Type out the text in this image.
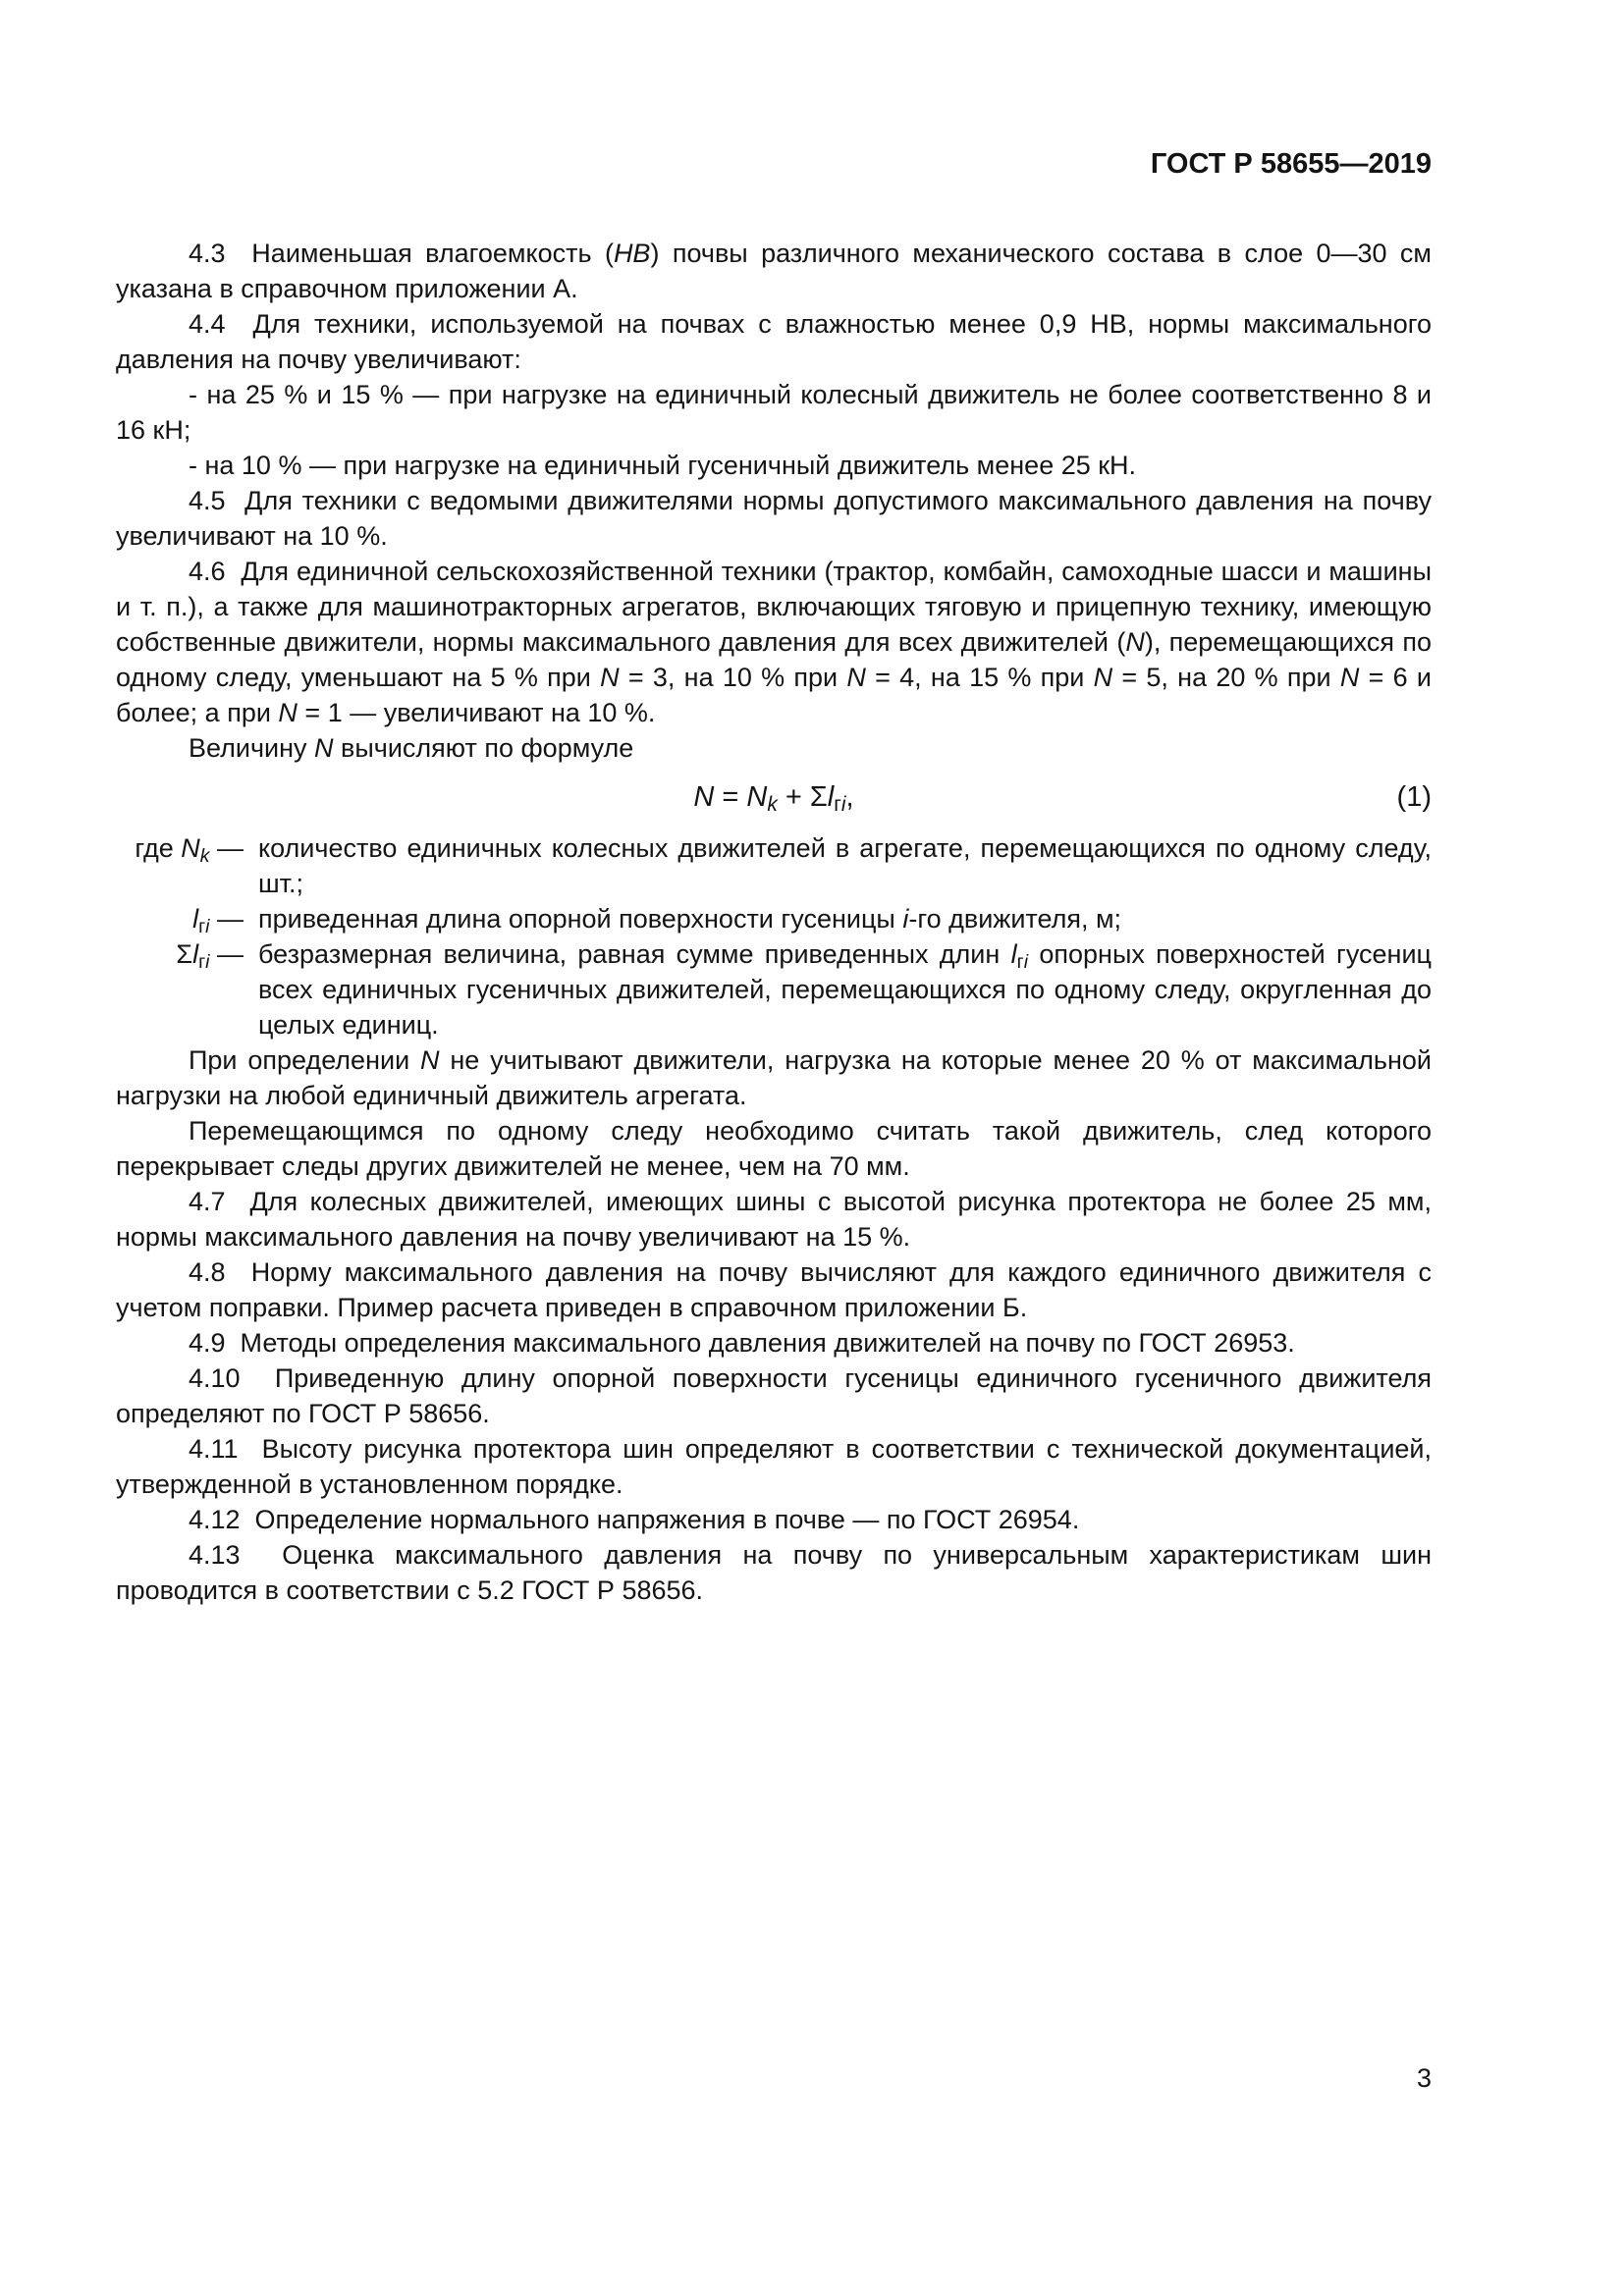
ГОСТ Р 58655—2019

4.3  Наименьшая влагоемкость (НВ) почвы различного механического состава в слое 0—30 см указана в справочном приложении А.

4.4  Для техники, используемой на почвах с влажностью менее 0,9 НВ, нормы максимального давления на почву увеличивают:

- на 25 % и 15 % — при нагрузке на единичный колесный движитель не более соответственно 8 и 16 кН;

- на 10 % — при нагрузке на единичный гусеничный движитель менее 25 кН.

4.5  Для техники с ведомыми движителями нормы допустимого максимального давления на почву увеличивают на 10 %.

4.6  Для единичной сельскохозяйственной техники (трактор, комбайн, самоходные шасси и машины и т. п.), а также для машинотракторных агрегатов, включающих тяговую и прицепную технику, имеющую собственные движители, нормы максимального давления для всех движителей (N), перемещающихся по одному следу, уменьшают на 5 % при N = 3, на 10 % при N = 4, на 15 % при N = 5, на 20 % при N = 6 и более; а при N = 1 — увеличивают на 10 %.

Величину N вычисляют по формуле

$N = N_k + \Sigma l_{гi}$,	(1)
где $N_k$ — количество единичных колесных движителей в агрегате, перемещающихся по одному следу, шт.;
$l_{гi}$ — приведенная длина опорной поверхности гусеницы i-го движителя, м;
$\Sigma l_{гi}$ — безразмерная величина, равная сумме приведенных длин $l_{гi}$ опорных поверхностей гусениц всех единичных гусеничных движителей, перемещающихся по одному следу, округленная до целых единиц.

При определении N не учитывают движители, нагрузка на которые менее 20 % от максимальной нагрузки на любой единичный движитель агрегата.

Перемещающимся по одному следу необходимо считать такой движитель, след которого перекрывает следы других движителей не менее, чем на 70 мм.

4.7  Для колесных движителей, имеющих шины с высотой рисунка протектора не более 25 мм, нормы максимального давления на почву увеличивают на 15 %.

4.8  Норму максимального давления на почву вычисляют для каждого единичного движителя с учетом поправки. Пример расчета приведен в справочном приложении Б.

4.9  Методы определения максимального давления движителей на почву по ГОСТ 26953.

4.10  Приведенную длину опорной поверхности гусеницы единичного гусеничного движителя определяют по ГОСТ Р 58656.

4.11  Высоту рисунка протектора шин определяют в соответствии с технической документацией, утвержденной в установленном порядке.

4.12  Определение нормального напряжения в почве — по ГОСТ 26954.

4.13  Оценка максимального давления на почву по универсальным характеристикам шин проводится в соответствии с 5.2 ГОСТ Р 58656.

3
